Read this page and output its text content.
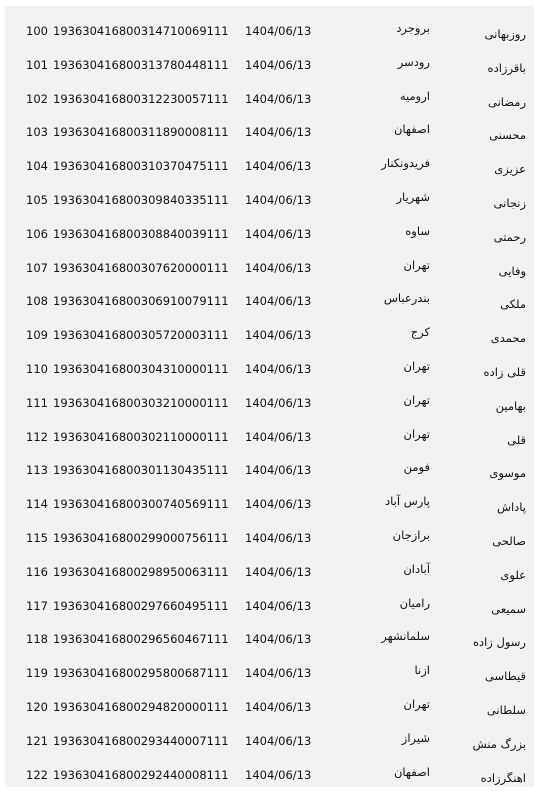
100 193630416800314710069111 1404/06/13	بروجرد	روزبهانی
101 193630416800313780448111 1404/06/13	رودسر	باقرزاده
102 193630416800312230057111 1404/06/13	ارومیه	رمضانی
103 193630416800311890008111 1404/06/13	اصفهان	محسنی
104 193630416800310370475111 1404/06/13	فریدونکنار	عزیزی
105 193630416800309840335111 1404/06/13	شهریار	زنجانی
106 193630416800308840039111 1404/06/13	ساوه	رحمتی
107 193630416800307620000111 1404/06/13	تهران	وفایی
108 193630416800306910079111 1404/06/13	بندرعباس	ملکی
109 193630416800305720003111 1404/06/13	کرج	محمدی
110 193630416800304310000111 1404/06/13	تهران	قلی زاده
111 193630416800303210000111 1404/06/13	تهران	بهامین
112 193630416800302110000111 1404/06/13	تهران	قلی
113 193630416800301130435111 1404/06/13	فومن	موسوی
114 193630416800300740569111 1404/06/13	پارس آباد	پاداش
115 193630416800299000756111 1404/06/13	برازجان	صالحی
116 193630416800298950063111 1404/06/13	آبادان	علوی
117 193630416800297660495111 1404/06/13	رامیان	سمیعی
118 193630416800296560467111 1404/06/13	سلمانشهر	رسول زاده
119 193630416800295800687111 1404/06/13	ازنا	قیطاسی
120 193630416800294820000111 1404/06/13	تهران	سلطانی
121 193630416800293440007111 1404/06/13	شیراز	بزرگ منش
122 193630416800292440008111 1404/06/13	اصفهان	اهنگرزاده
